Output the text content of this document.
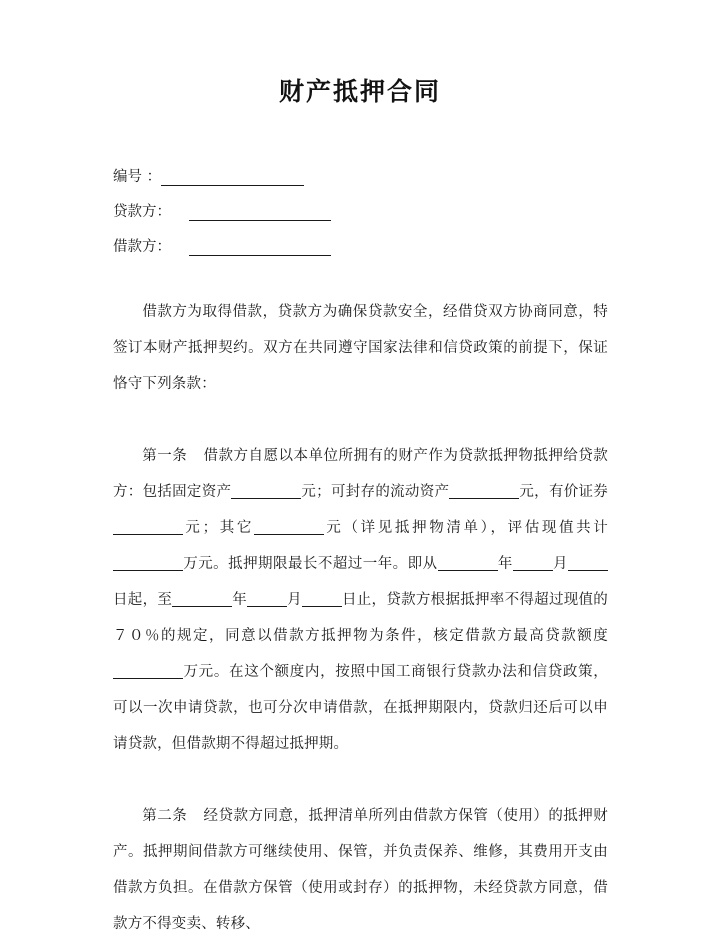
财产抵押合同
编号 ：
贷款方：
借款方：

借款方为取得借款，贷款方为确保贷款安全，经借贷双方协商同意，特签订本财产抵押契约。双方在共同遵守国家法律和信贷政策的前提下，保证恪守下列条款：

第一条 借款方自愿以本单位所拥有的财产作为贷款抵押物抵押给贷款方：包括固定资产	元；可封存的流动资产	元，有价证券元；其它	元（详见抵押物清单），评估现值共计万元。抵押期限最长不超过一年。即从	年	月日起，至	年	月	日止，贷款方根据抵押率不得超过现值的７０％的规定，同意以借款方抵押物为条件，核定借款方最高贷款额度万元。在这个额度内，按照中国工商银行贷款办法和信贷政策，可以一次申请贷款，也可分次申请借款，在抵押期限内，贷款归还后可以申请贷款，但借款期不得超过抵押期。

第二条 经贷款方同意，抵押清单所列由借款方保管（使用）的抵押财产。抵押期间借款方可继续使用、保管，并负责保养、维修，其费用开支由借款方负担。在借款方保管（使用或封存）的抵押物，未经贷款方同意，借款方不得变卖、转移、
